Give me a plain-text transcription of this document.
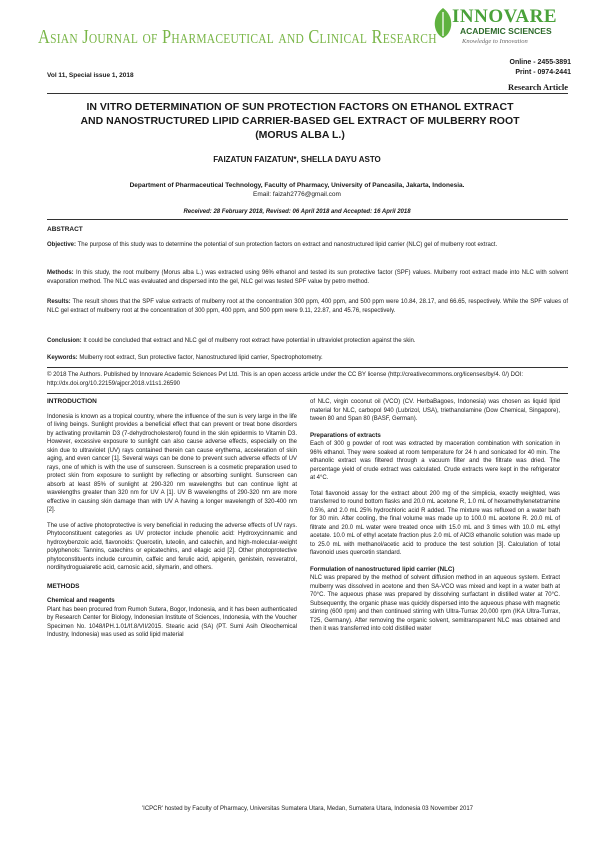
Asian Journal of Pharmaceutical and Clinical Research
INNOVARE
ACADEMIC SCIENCES
Knowledge to Innovation
Online - 2455-3891
Print - 0974-2441
Vol 11, Special issue 1, 2018
Research Article
IN VITRO DETERMINATION OF SUN PROTECTION FACTORS ON ETHANOL EXTRACT
AND NANOSTRUCTURED LIPID CARRIER-BASED GEL EXTRACT OF MULBERRY ROOT
(MORUS ALBA L.)
FAIZATUN FAIZATUN*, SHELLA DAYU ASTO
Department of Pharmaceutical Technology, Faculty of Pharmacy, University of Pancasila, Jakarta, Indonesia.
Email: faizah2776@gmail.com
Received: 28 February 2018, Revised: 06 April 2018 and Accepted: 16 April 2018
ABSTRACT
Objective: The purpose of this study was to determine the potential of sun protection factors on extract and nanostructured lipid carrier (NLC) gel of mulberry root extract.
Methods: In this study, the root mulberry (Morus alba L.) was extracted using 96% ethanol and tested its sun protective factor (SPF) values. Mulberry root extract made into NLC with solvent evaporation method. The NLC was evaluated and dispersed into the gel, NLC gel was tested SPF value by petro method.
Results: The result shows that the SPF value extracts of mulberry root at the concentration 300 ppm, 400 ppm, and 500 ppm were 10.84, 28.17, and 66.65, respectively. While the SPF values of NLC gel extract of mulberry root at the concentration of 300 ppm, 400 ppm, and 500 ppm were 9.11, 22.87, and 45.76, respectively.
Conclusion: It could be concluded that extract and NLC gel of mulberry root extract have potential in ultraviolet protection against the skin.
Keywords: Mulberry root extract, Sun protective factor, Nanostructured lipid carrier, Spectrophotometry.
© 2018 The Authors. Published by Innovare Academic Sciences Pvt Ltd. This is an open access article under the CC BY license (http://creativecommons.org/licenses/by/4. 0/) DOI: http://dx.doi.org/10.22159/ajpcr.2018.v11s1.26590
INTRODUCTION
Indonesia is known as a tropical country, where the influence of the sun is very large in the life of living beings. Sunlight provides a beneficial effect that can prevent or treat bone disorders by activating provitamin D3 (7-dehydrocholesterol) found in the skin epidermis to Vitamin D3. However, excessive exposure to sunlight can also cause adverse effects, especially on the skin due to ultraviolet (UV) rays contained therein can cause erythema, acceleration of skin aging, and even cancer [1]. Several ways can be done to prevent such adverse effects of UV rays, one of which is with the use of sunscreen. Sunscreen is a cosmetic preparation used to protect skin from exposure to sunlight by reflecting or absorbing sunlight. Sunscreen can absorb at least 85% of sunlight at 290-320 nm wavelengths but can continue light at wavelengths greater than 320 nm for UV A [1]. UV B wavelengths of 290-320 nm are more effective in causing skin damage than with UV A having a longer wavelength of 320-400 nm [2].
The use of active photoprotective is very beneficial in reducing the adverse effects of UV rays. Phytoconstituent categories as UV protector include phenolic acid: Hydroxycinnamic and hydroxybenzoic acid, flavonoids: Quercetin, luteolin, and catechin, and high-molecular-weight polyphenols: Tannins, catechins or epicatechins, and ellagic acid [2]. Other photoprotective phytoconstituents include curcumin, caffeic and ferulic acid, apigenin, genistein, resveratrol, nordihydroguaiaretic acid, carnosic acid, silymarin, and others.
METHODS
Chemical and reagents
Plant has been procured from Rumoh Sutera, Bogor, Indonesia, and it has been authenticated by Research Center for Biology, Indonesian Institute of Sciences, Indonesia, with the Voucher Specimen No. 1048/IPH.1.01/If.8/VII/2015. Stearic acid (SA) (PT. Sumi Asih Oleochemical Industry, Indonesia) was used as solid lipid material
of NLC, virgin coconut oil (VCO) (CV. HerbaBagoes, Indonesia) was chosen as liquid lipid material for NLC, carbopol 940 (Lubrizol, USA), triethanolamine (Dow Chemical, Singapore), tween 80 and Span 80 (BASF, German).
Preparations of extracts
Each of 300 g powder of root was extracted by maceration combination with sonication in 96% ethanol. They were soaked at room temperature for 24 h and sonicated for 40 min. The ethanolic extract was filtered through a vacuum filter and the filtrate was dried. The percentage yield of crude extract was calculated. Crude extracts were kept in the refrigerator at 4°C.
Total flavonoid assay for the extract about 200 mg of the simplicia, exactly weighted, was transferred to round bottom flasks and 20.0 mL acetone R, 1.0 mL of hexamethylenetetramine 0.5%, and 2.0 mL 25% hydrochloric acid R added. The mixture was refluxed on a water bath for 30 min. After cooling, the final volume was made up to 100.0 mL acetone R. 20.0 mL of filtrate and 20.0 mL water were treated once with 15.0 mL and 3 times with 10.0 mL ethyl acetate. 10.0 mL of ethyl acetate fraction plus 2.0 mL of AlCl3 ethanolic solution was made up to 25.0 mL with methanol/acetic acid to produce the test solution [3]. Calculation of total flavonoid uses quercetin standard.
Formulation of nanostructured lipid carrier (NLC)
NLC was prepared by the method of solvent diffusion method in an aqueous system. Extract mulberry was dissolved in acetone and then SA-VCO was mixed and kept in a water bath at 70°C. The aqueous phase was prepared by dissolving surfactant in distilled water at 70°C. Subsequently, the organic phase was quickly dispersed into the aqueous phase with magnetic stirring (600 rpm) and then continued stirring with Ultra-Turrax 20,000 rpm (IKA Ultra-Turrax, T25, Germany). After removing the organic solvent, semitransparent NLC was obtained and then it was transferred into cold distilled water
'ICPCR' hosted by Faculty of Pharmacy, Universitas Sumatera Utara, Medan, Sumatera Utara, Indonesia 03 November 2017
